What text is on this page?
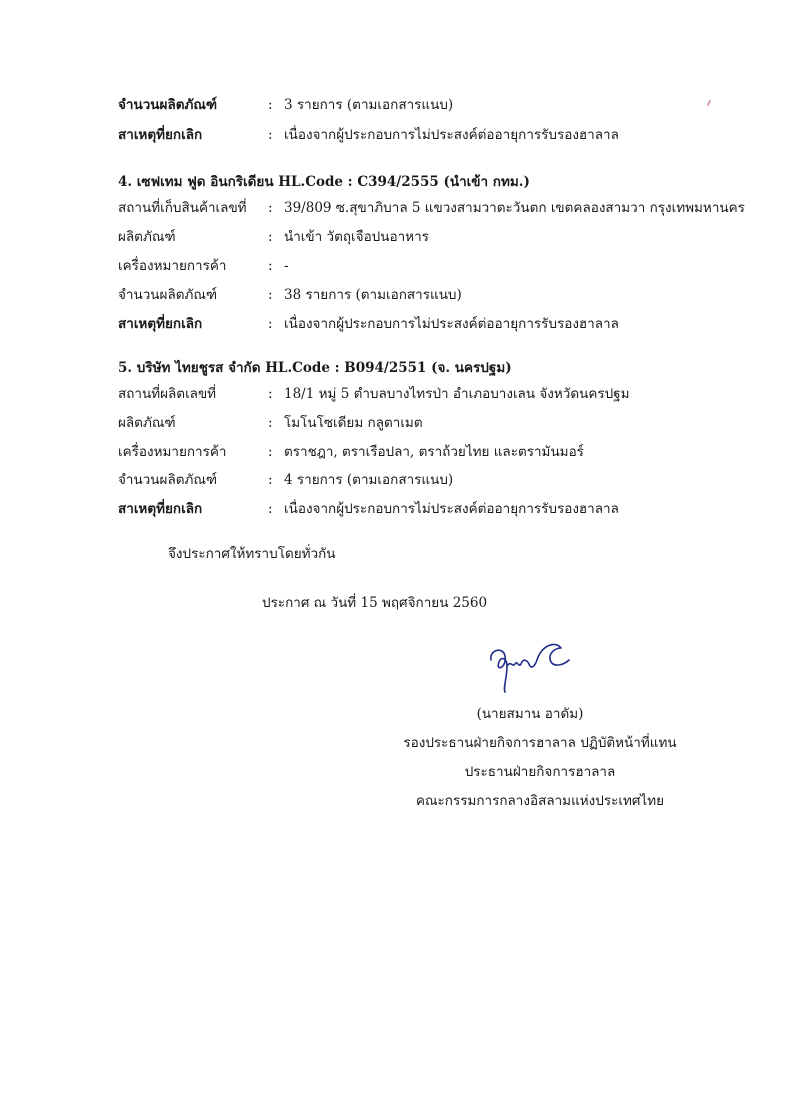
จำนวนผลิตภัณฑ์	: 3 รายการ (ตามเอกสารแนบ)
สาเหตุที่ยกเลิก	: เนื่องจากผู้ประกอบการไม่ประสงค์ต่ออายุการรับรองฮาลาล
4. เซฟเทม ฟูด อินกริเดียน HL.Code : C394/2555 (นำเข้า กทม.)
สถานที่เก็บสินค้าเลขที่ : 39/809 ซ.สุขาภิบาล 5 แขวงสามวาตะวันตก เขตคลองสามวา กรุงเทพมหานคร
ผลิตภัณฑ์	: นำเข้า วัตถุเจือปนอาหาร
เครื่องหมายการค้า	: -
จำนวนผลิตภัณฑ์	: 38 รายการ (ตามเอกสารแนบ)
สาเหตุที่ยกเลิก	: เนื่องจากผู้ประกอบการไม่ประสงค์ต่ออายุการรับรองฮาลาล
5. บริษัท ไทยชูรส จำกัด HL.Code : B094/2551 (จ. นครปฐม)
สถานที่ผลิตเลขที่	: 18/1 หมู่ 5 ตำบลบางไทรป่า อำเภอบางเลน จังหวัดนครปฐม
ผลิตภัณฑ์	: โมโนโซเดียม กลูตาเมต
เครื่องหมายการค้า	: ตราชฎา, ตราเรือปลา, ตราถ้วยไทย และตรามันมอร์
จำนวนผลิตภัณฑ์	: 4 รายการ (ตามเอกสารแนบ)
สาเหตุที่ยกเลิก	: เนื่องจากผู้ประกอบการไม่ประสงค์ต่ออายุการรับรองฮาลาล
จึงประกาศให้ทราบโดยทั่วกัน
ประกาศ ณ วันที่ 15 พฤศจิกายน 2560
(นายสมาน อาดัม)
รองประธานฝ่ายกิจการฮาลาล ปฏิบัติหน้าที่แทน
ประธานฝ่ายกิจการฮาลาล
คณะกรรมการกลางอิสลามแห่งประเทศไทย
